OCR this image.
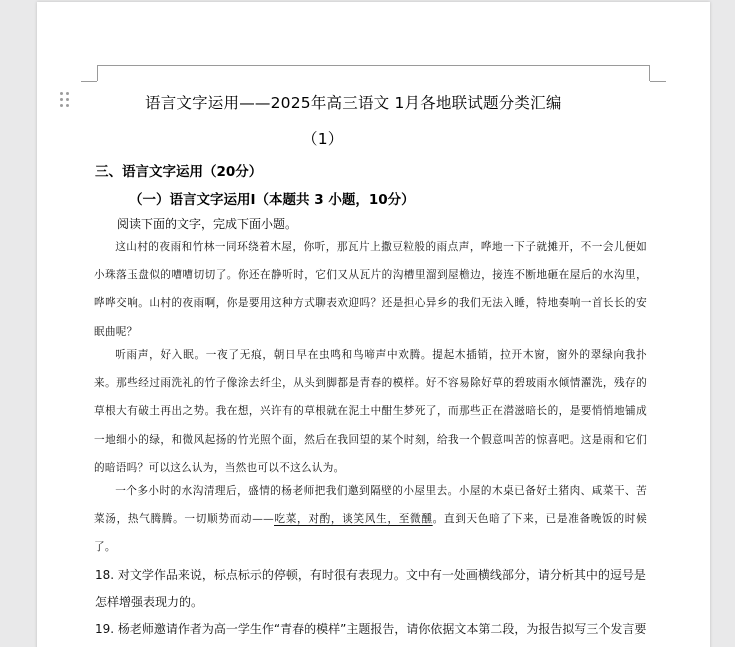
语言文字运用——2025年高三语文 1月各地联试题分类汇编
（1）
三、语言文字运用（20分）
（一）语言文字运用Ⅰ（本题共 3 小题，10分）
阅读下面的文字，完成下面小题。
这山村的夜雨和竹林一同环绕着木屋，你听，那瓦片上撒豆粒般的雨点声，哗地一下子就摊开，不一会儿便如小珠落玉盘似的嘈嘈切切了。你还在静听时，它们又从瓦片的沟槽里溜到屋檐边，接连不断地砸在屋后的水沟里，哗哗交响。山村的夜雨啊，你是要用这种方式聊表欢迎吗？还是担心异乡的我们无法入睡，特地奏响一首长长的安眠曲呢？
听雨声，好入眠。一夜了无痕，朝日早在虫鸣和鸟啼声中欢腾。提起木插销，拉开木窗，窗外的翠绿向我扑来。那些经过雨洗礼的竹子像涂去纤尘，从头到脚都是青春的模样。好不容易除好草的碧玻雨水倾情濯洗，残存的草根大有破土再出之势。我在想，兴许有的草根就在泥土中酣生梦死了，而那些正在潜滋暗长的，是要悄悄地铺成一地细小的绿，和微风起扬的竹光照个面，然后在我回望的某个时刻，给我一个假意叫苦的惊喜吧。这是雨和它们的暗语吗？可以这么认为，当然也可以不这么认为。
一个多小时的水沟清理后，盛情的杨老师把我们邀到隔壁的小屋里去。小屋的木桌已备好土猪肉、咸菜干、苦菜汤，热气腾腾。一切顺势而动——吃菜，对酌，谈笑风生，至微醺。直到天色暗了下来，已是准备晚饭的时候了。
18. 对文学作品来说，标点标示的停顿，有时很有表现力。文中有一处画横线部分，请分析其中的逗号是怎样增强表现力的。
19. 杨老师邀请作者为高一学生作“青春的模样”主题报告，请你依据文本第二段，为报告拟写三个发言要
